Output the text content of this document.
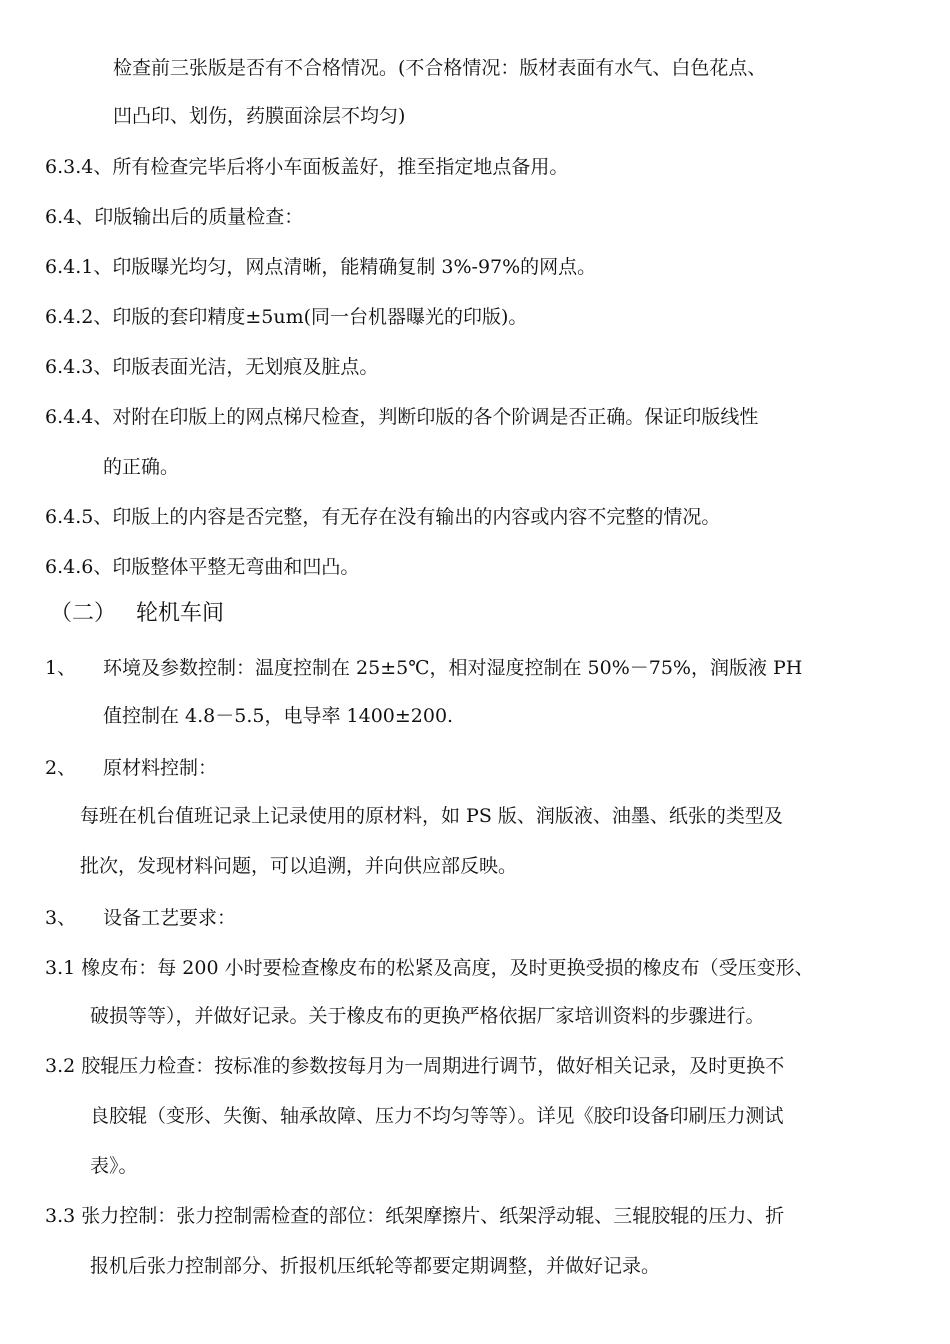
检查前三张版是否有不合格情况。(不合格情况：版材表面有水气、白色花点、

凹凸印、划伤，药膜面涂层不均匀)

6.3.4、所有检查完毕后将小车面板盖好，推至指定地点备用。

6.4、印版输出后的质量检查：

6.4.1、印版曝光均匀，网点清晰，能精确复制 3%-97%的网点。

6.4.2、印版的套印精度±5um(同一台机器曝光的印版)。

6.4.3、印版表面光洁，无划痕及脏点。

6.4.4、对附在印版上的网点梯尺检查，判断印版的各个阶调是否正确。保证印版线性

的正确。

6.4.5、印版上的内容是否完整，有无存在没有输出的内容或内容不完整的情况。

6.4.6、印版整体平整无弯曲和凹凸。

（二） 轮机车间

1、 环境及参数控制：温度控制在 25±5℃，相对湿度控制在 50%－75%，润版液 PH

值控制在 4.8－5.5，电导率 1400±200.

2、 原材料控制：

每班在机台值班记录上记录使用的原材料，如 PS 版、润版液、油墨、纸张的类型及

批次，发现材料问题，可以追溯，并向供应部反映。

3、 设备工艺要求：

3.1 橡皮布：每 200 小时要检查橡皮布的松紧及高度，及时更换受损的橡皮布（受压变形、

破损等等），并做好记录。关于橡皮布的更换严格依据厂家培训资料的步骤进行。

3.2 胶辊压力检查：按标准的参数按每月为一周期进行调节，做好相关记录，及时更换不

良胶辊（变形、失衡、轴承故障、压力不均匀等等）。详见《胶印设备印刷压力测试

表》。

3.3 张力控制：张力控制需检查的部位：纸架摩擦片、纸架浮动辊、三辊胶辊的压力、折

报机后张力控制部分、折报机压纸轮等都要定期调整，并做好记录。
